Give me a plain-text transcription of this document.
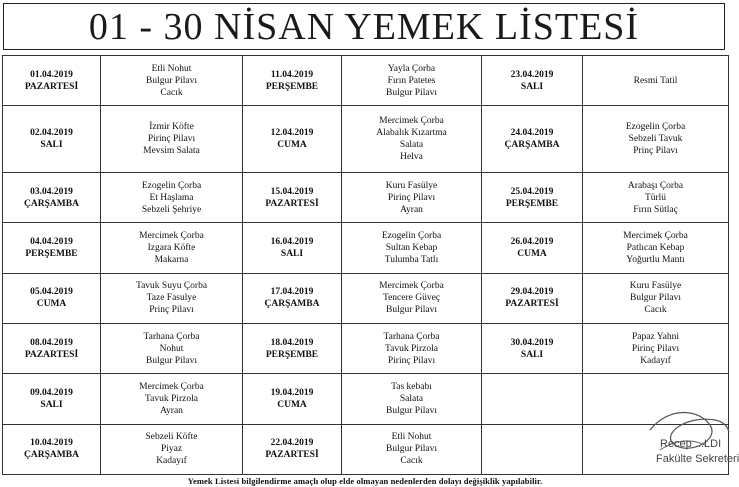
01 - 30 NİSAN YEMEK LİSTESİ
01.04.2019
PAZARTESİ	Etli Nohut
Bulgur Pilavı
Cacık	11.04.2019
PERŞEMBE	Yayla Çorba
Fırın Patetes
Bulgur Pilavı	23.04.2019
SALI	Resmi Tatil

02.04.2019
SALI	İzmir Köfte
Pirinç Pilavı
Mevsim Salata	12.04.2019
CUMA	Mercimek Çorba
Alabalık Kızartma
Salata
Helva	24.04.2019
ÇARŞAMBA	Ezogelin Çorba
Sebzeli Tavuk
Prinç Pilavı

03.04.2019
ÇARŞAMBA	Ezogelin Çorba
Et Haşlama
Sebzeli Şehriye	15.04.2019
PAZARTESİ	Kuru Fasülye
Pirinç Pilavı
Ayran	25.04.2019
PERŞEMBE	Arabaşı Çorba
Türlü
Fırın Sütlaç

04.04.2019
PERŞEMBE	Mercimek Çorba
Izgara Köfte
Makarna	16.04.2019
SALI	Ezogelin Çorba
Sultan Kebap
Tulumba Tatlı	26.04.2019
CUMA	Mercimek Çorba
Patlıcan Kebap
Yoğurtlu Mantı

05.04.2019
CUMA	Tavuk Suyu Çorba
Taze Fasulye
Prinç Pilavı	17.04.2019
ÇARŞAMBA	Mercimek Çorba
Tencere Güveç
Bulgur Pilavı	29.04.2019
PAZARTESİ	Kuru Fasülye
Bulgur Pilavı
Cacık

08.04.2019
PAZARTESİ	Tarhana Çorba
Nohut
Bulgur Pilavı	18.04.2019
PERŞEMBE	Tarhana Çorba
Tavuk Pirzola
Pirinç Pilavı	30.04.2019
SALI	Papaz Yahni
Pirinç Pilavı
Kadayıf

09.04.2019
SALI	Mercimek Çorba
Tavuk Pirzola
Ayran	19.04.2019
CUMA	Tas kebabı
Salata
Bulgur Pilavı		

10.04.2019
ÇARŞAMBA	Sebzeli Köfte
Piyaz
Kadayıf	22.04.2019
PAZARTESİ	Etli Nohut
Bulgur Pilavı
Cacık		

Recep ...LDI
Fakülte Sekreteri
Yemek Listesi bilgilendirme amaçlı olup elde olmayan nedenlerden dolayı değişiklik yapılabilir.
